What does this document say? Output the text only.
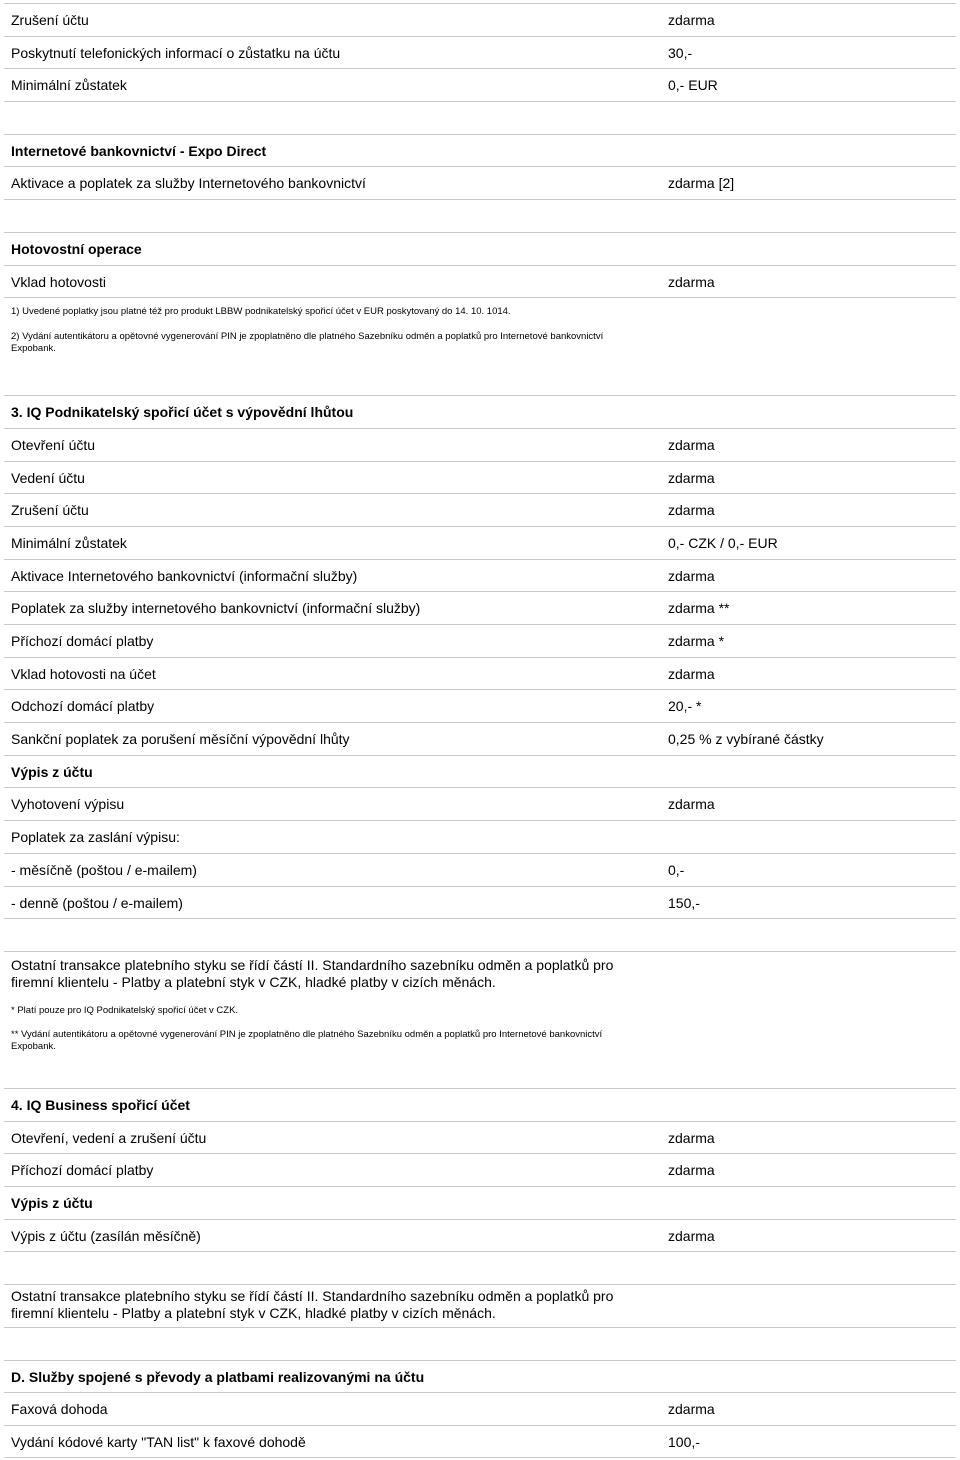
Zrušení účtu	zdarma
Poskytnutí telefonických informací o zůstatku na účtu	30,-
Minimální zůstatek	0,- EUR
Internetové bankovnictví - Expo Direct
Aktivace a poplatek za služby Internetového bankovnictví	zdarma [2]
Hotovostní operace
Vklad hotovosti	zdarma
1) Uvedené poplatky jsou platné též pro produkt LBBW podnikatelský spořicí účet v EUR poskytovaný do 14. 10. 1014.
2) Vydání autentikátoru a opětovné vygenerování PIN je zpoplatněno dle platného Sazebníku odměn a poplatků pro Internetové bankovnictví Expobank.
3. IQ Podnikatelský spořicí účet s výpovědní lhůtou
Otevření účtu	zdarma
Vedení účtu	zdarma
Zrušení účtu	zdarma
Minimální zůstatek	0,- CZK / 0,- EUR
Aktivace Internetového bankovnictví (informační služby)	zdarma
Poplatek za služby internetového bankovnictví (informační služby)	zdarma **
Příchozí domácí platby	zdarma *
Vklad hotovosti na účet	zdarma
Odchozí domácí platby	20,- *
Sankční poplatek za porušení měsíční výpovědní lhůty	0,25 % z vybírané částky
Výpis z účtu
Vyhotovení výpisu	zdarma
Poplatek za zaslání výpisu:
- měsíčně (poštou / e-mailem)	0,-
- denně (poštou / e-mailem)	150,-
Ostatní transakce platebního styku se řídí částí II. Standardního sazebníku odměn a poplatků pro firemní klientelu - Platby a platební styk v CZK, hladké platby v cizích měnách.
* Platí pouze pro IQ Podnikatelský spořicí účet v CZK.
** Vydání autentikátoru a opětovné vygenerování PIN je zpoplatněno dle platného Sazebníku odměn a poplatků pro Internetové bankovnictví Expobank.
4. IQ Business spořicí účet
Otevření, vedení a zrušení účtu	zdarma
Příchozí domácí platby	zdarma
Výpis z účtu
Výpis z účtu (zasílán měsíčně)	zdarma
Ostatní transakce platebního styku se řídí částí II. Standardního sazebníku odměn a poplatků pro firemní klientelu - Platby a platební styk v CZK, hladké platby v cizích měnách.
D. Služby spojené s převody a platbami realizovanými na účtu
Faxová dohoda	zdarma
Vydání kódové karty "TAN list" k faxové dohodě	100,-
